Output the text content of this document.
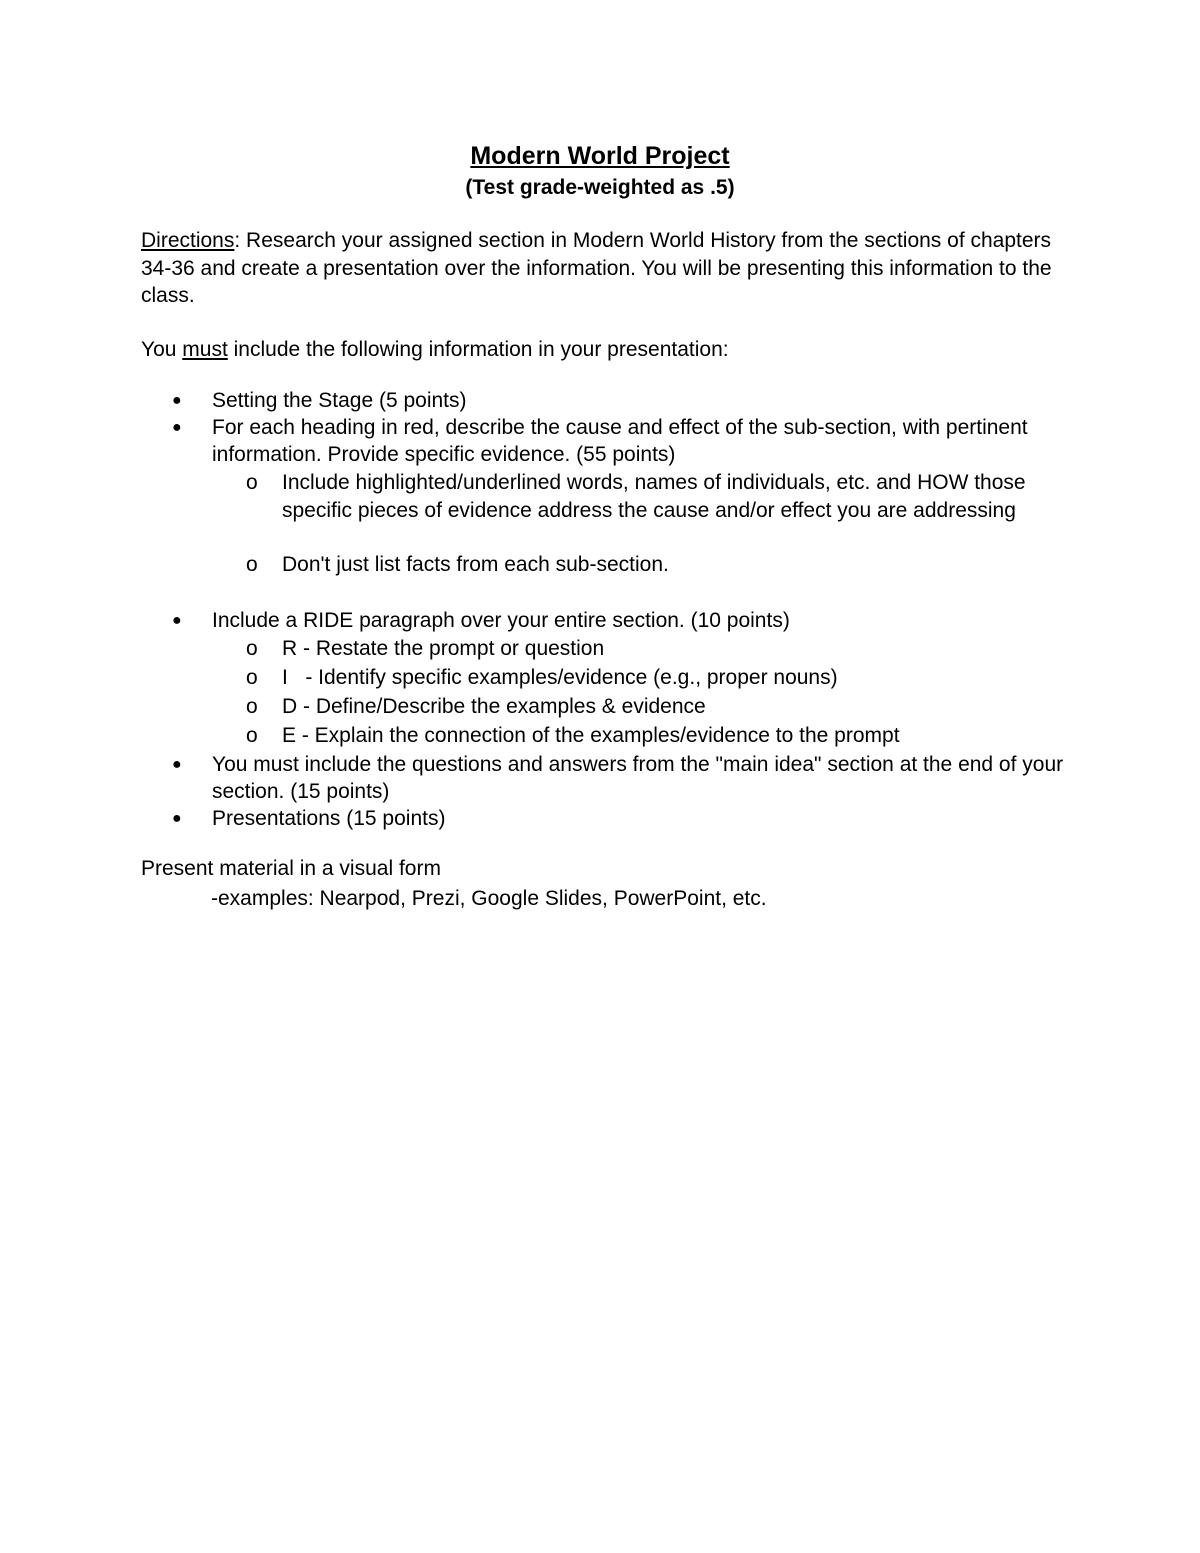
Modern World Project
(Test grade-weighted as .5)
Directions: Research your assigned section in Modern World History from the sections of chapters 34-36 and create a presentation over the information. You will be presenting this information to the class.
You must include the following information in your presentation:
●	Setting the Stage (5 points)
●	For each heading in red, describe the cause and effect of the sub-section, with pertinent information. Provide specific evidence. (55 points)
o	Include highlighted/underlined words, names of individuals, etc. and HOW those specific pieces of evidence address the cause and/or effect you are addressing
o	Don't just list facts from each sub-section.
●	Include a RIDE paragraph over your entire section. (10 points)
o	R - Restate the prompt or question
o	I   - Identify specific examples/evidence (e.g., proper nouns)
o	D - Define/Describe the examples & evidence
o	E - Explain the connection of the examples/evidence to the prompt
●	You must include the questions and answers from the "main idea" section at the end of your section. (15 points)
●	Presentations (15 points)
Present material in a visual form
-examples: Nearpod, Prezi, Google Slides, PowerPoint, etc.
